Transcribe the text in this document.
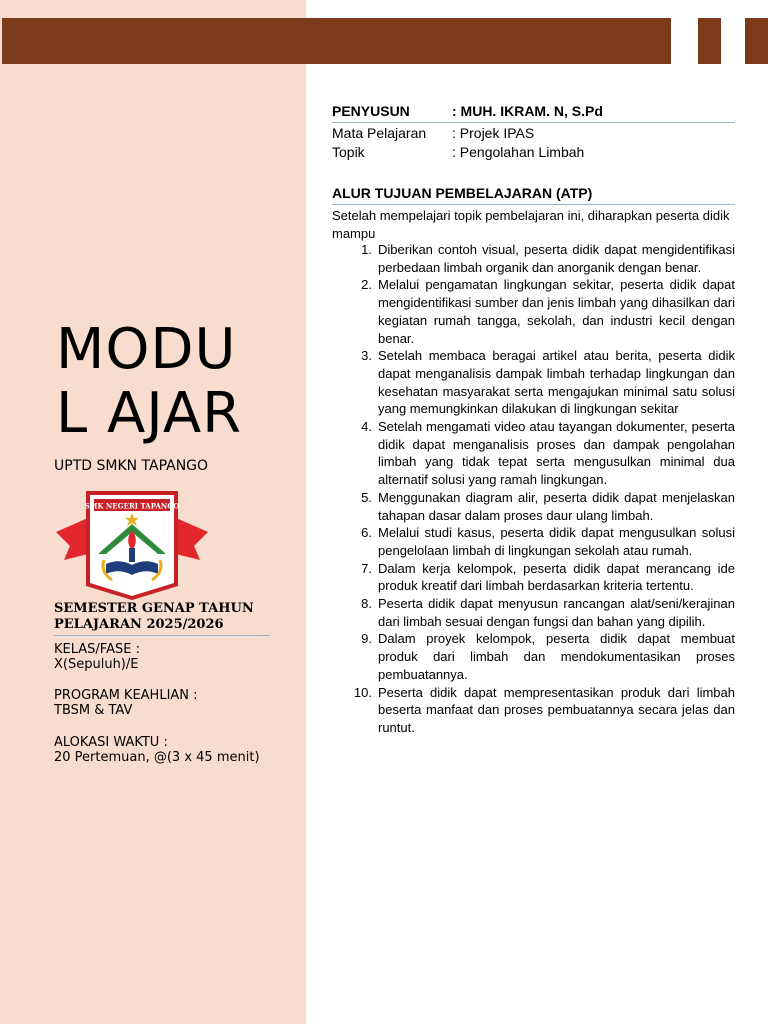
MODU
L AJAR
UPTD SMKN TAPANGO
SMK NEGERI TAPANGO
SEMESTER GENAP TAHUN PELAJARAN 2025/2026
KELAS/FASE :
X(Sepuluh)/E
PROGRAM KEAHLIAN :
TBSM & TAV
ALOKASI WAKTU :
20 Pertemuan, @(3 x 45 menit)
PENYUSUN	: MUH. IKRAM. N, S.Pd
Mata Pelajaran	: Projek IPAS
Topik	: Pengolahan Limbah
ALUR TUJUAN PEMBELAJARAN (ATP)
Setelah mempelajari topik pembelajaran ini, diharapkan peserta didik mampu
1. Diberikan contoh visual, peserta didik dapat mengidentifikasi perbedaan limbah organik dan anorganik dengan benar.
2. Melalui pengamatan lingkungan sekitar, peserta didik dapat mengidentifikasi sumber dan jenis limbah yang dihasilkan dari kegiatan rumah tangga, sekolah, dan industri kecil dengan benar.
3. Setelah membaca beragai artikel atau berita, peserta didik dapat menganalisis dampak limbah terhadap lingkungan dan kesehatan masyarakat serta mengajukan minimal satu solusi yang memungkinkan dilakukan di lingkungan sekitar
4. Setelah mengamati video atau tayangan dokumenter, peserta didik dapat menganalisis proses dan dampak pengolahan limbah yang tidak tepat serta mengusulkan minimal dua alternatif solusi yang ramah lingkungan.
5. Menggunakan diagram alir, peserta didik dapat menjelaskan tahapan dasar dalam proses daur ulang limbah.
6. Melalui studi kasus, peserta didik dapat mengusulkan solusi pengelolaan limbah di lingkungan sekolah atau rumah.
7. Dalam kerja kelompok, peserta didik dapat merancang ide produk kreatif dari limbah berdasarkan kriteria tertentu.
8. Peserta didik dapat menyusun rancangan alat/seni/kerajinan dari limbah sesuai dengan fungsi dan bahan yang dipilih.
9. Dalam proyek kelompok, peserta didik dapat membuat produk dari limbah dan mendokumentasikan proses pembuatannya.
10. Peserta didik dapat mempresentasikan produk dari limbah beserta manfaat dan proses pembuatannya secara jelas dan runtut.
